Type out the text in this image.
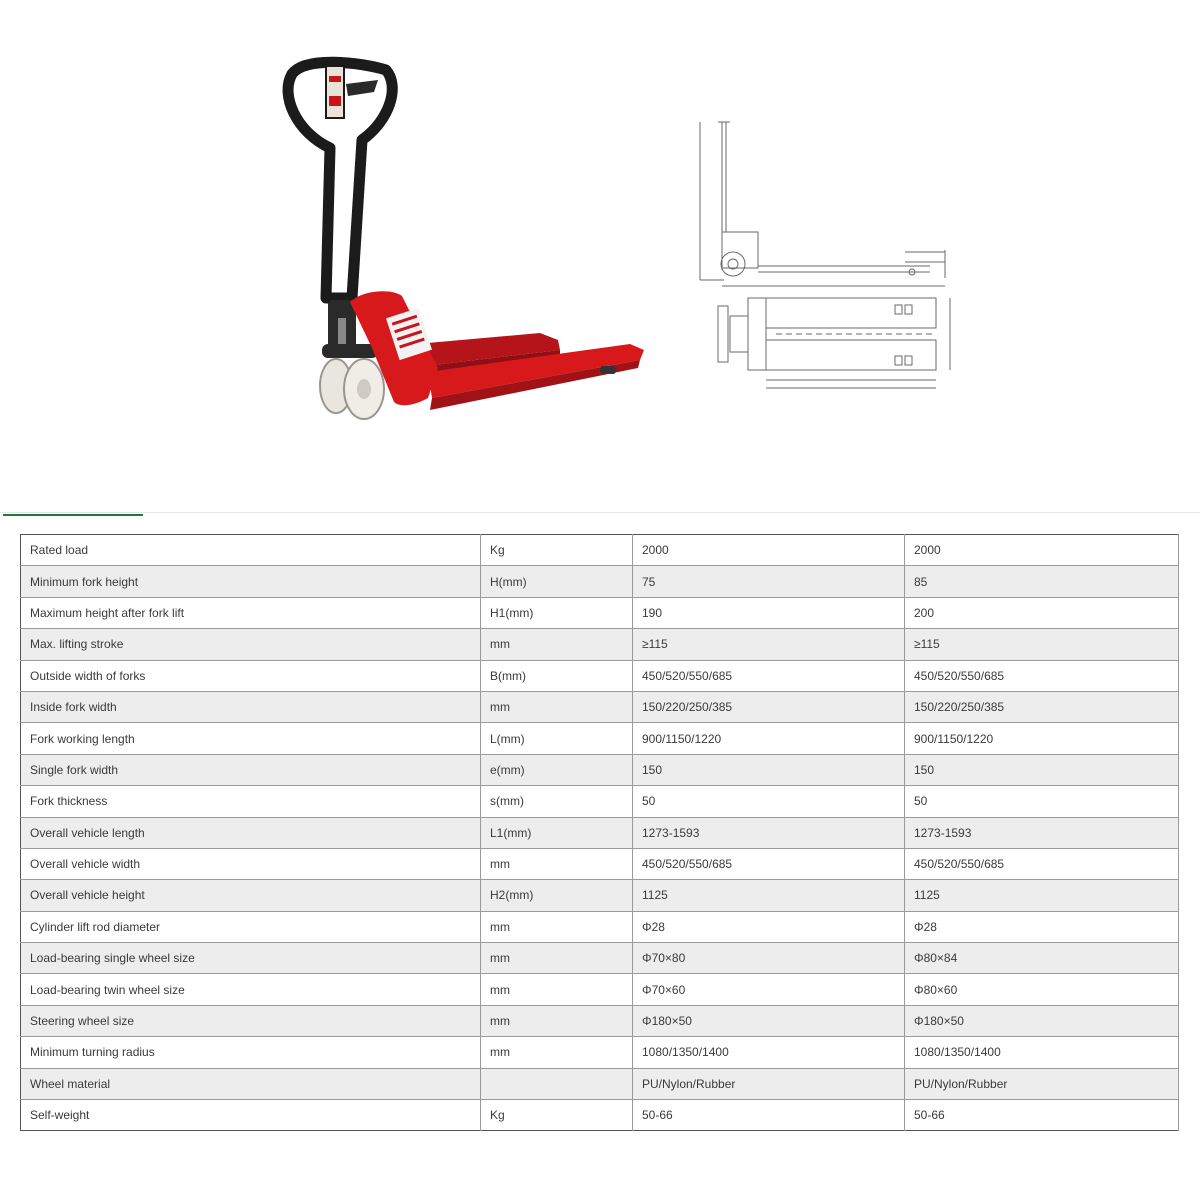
Rated load	Kg	2000	2000
Minimum fork height	H(mm)	75	85
Maximum height after fork lift	H1(mm)	190	200
Max. lifting stroke	mm	≥115	≥115
Outside width of forks	B(mm)	450/520/550/685	450/520/550/685
Inside fork width	mm	150/220/250/385	150/220/250/385
Fork working length	L(mm)	900/1150/1220	900/1150/1220
Single fork width	e(mm)	150	150
Fork thickness	s(mm)	50	50
Overall vehicle length	L1(mm)	1273-1593	1273-1593
Overall vehicle width	mm	450/520/550/685	450/520/550/685
Overall vehicle height	H2(mm)	1125	1125
Cylinder lift rod diameter	mm	Φ28	Φ28
Load-bearing single wheel size	mm	Φ70×80	Φ80×84
Load-bearing twin wheel size	mm	Φ70×60	Φ80×60
Steering wheel size	mm	Φ180×50	Φ180×50
Minimum turning radius	mm	1080/1350/1400	1080/1350/1400
Wheel material		PU/Nylon/Rubber	PU/Nylon/Rubber
Self-weight	Kg	50-66	50-66
